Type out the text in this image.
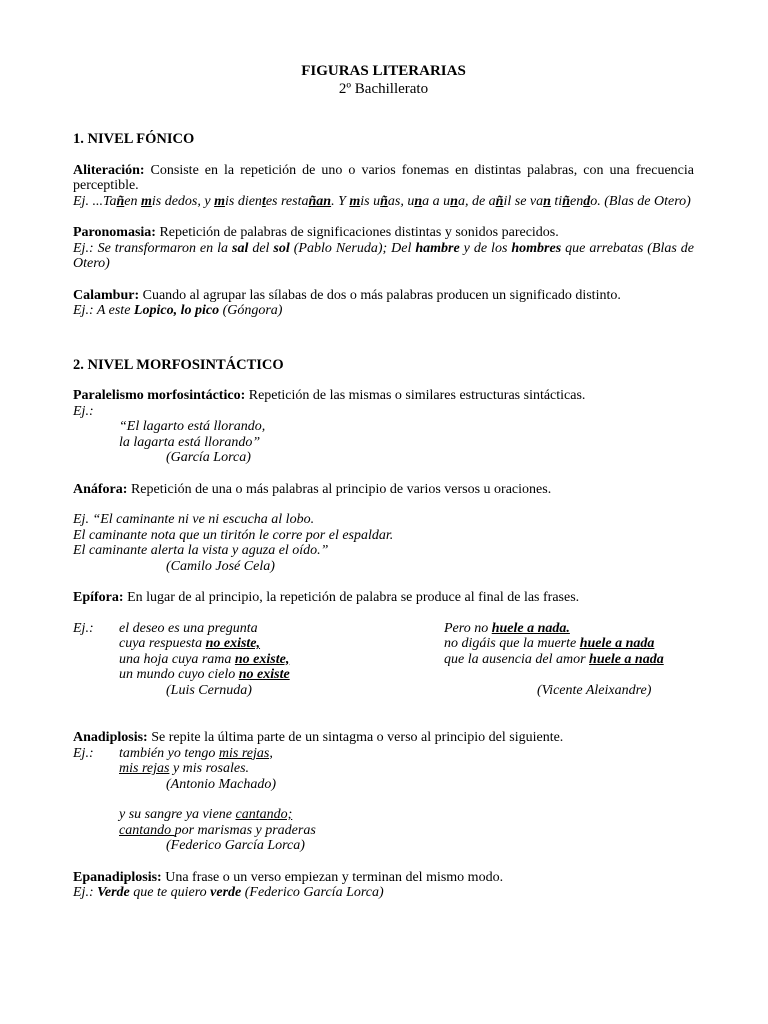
FIGURAS LITERARIAS
2º Bachillerato
1. NIVEL FÓNICO
Aliteración: Consiste en la repetición de uno o varios fonemas en distintas palabras, con una frecuencia perceptible.
Ej. ...Tañen mis dedos, y mis dientes restañan. Y mis uñas, una a una, de añil se van tiñendo. (Blas de Otero)
Paronomasia: Repetición de palabras de significaciones distintas y sonidos parecidos.
Ej.: Se transformaron en la sal del sol (Pablo Neruda); Del hambre y de los hombres que arrebatas (Blas de Otero)
Calambur: Cuando al agrupar las sílabas de dos o más palabras producen un significado distinto.
Ej.: A este Lopico, lo pico (Góngora)
2. NIVEL MORFOSINTÁCTICO
Paralelismo morfosintáctico: Repetición de las mismas o similares estructuras sintácticas.
Ej.:
“El lagarto está llorando,
la lagarta está llorando”
(García Lorca)
Anáfora: Repetición de una o más palabras al principio de varios versos u oraciones.
Ej. “El caminante ni ve ni escucha al lobo.
El caminante nota que un tiritón le corre por el espaldar.
El caminante alerta la vista y aguza el oído.”
(Camilo José Cela)
Epífora: En lugar de al principio, la repetición de palabra se produce al final de las frases.
Ej.:	el deseo es una pregunta
cuya respuesta no existe,
una hoja cuya rama no existe,
un mundo cuyo cielo no existe
(Luis Cernuda)
Pero no huele a nada.
no digáis que la muerte huele a nada
que la ausencia del amor huele a nada
(Vicente Aleixandre)
Anadiplosis: Se repite la última parte de un sintagma o verso al principio del siguiente.
Ej.:	también yo tengo mis rejas,
mis rejas y mis rosales.
(Antonio Machado)
y su sangre ya viene cantando;
cantando por marismas y praderas
(Federico García Lorca)
Epanadiplosis: Una frase o un verso empiezan y terminan del mismo modo.
Ej.: Verde que te quiero verde (Federico García Lorca)
